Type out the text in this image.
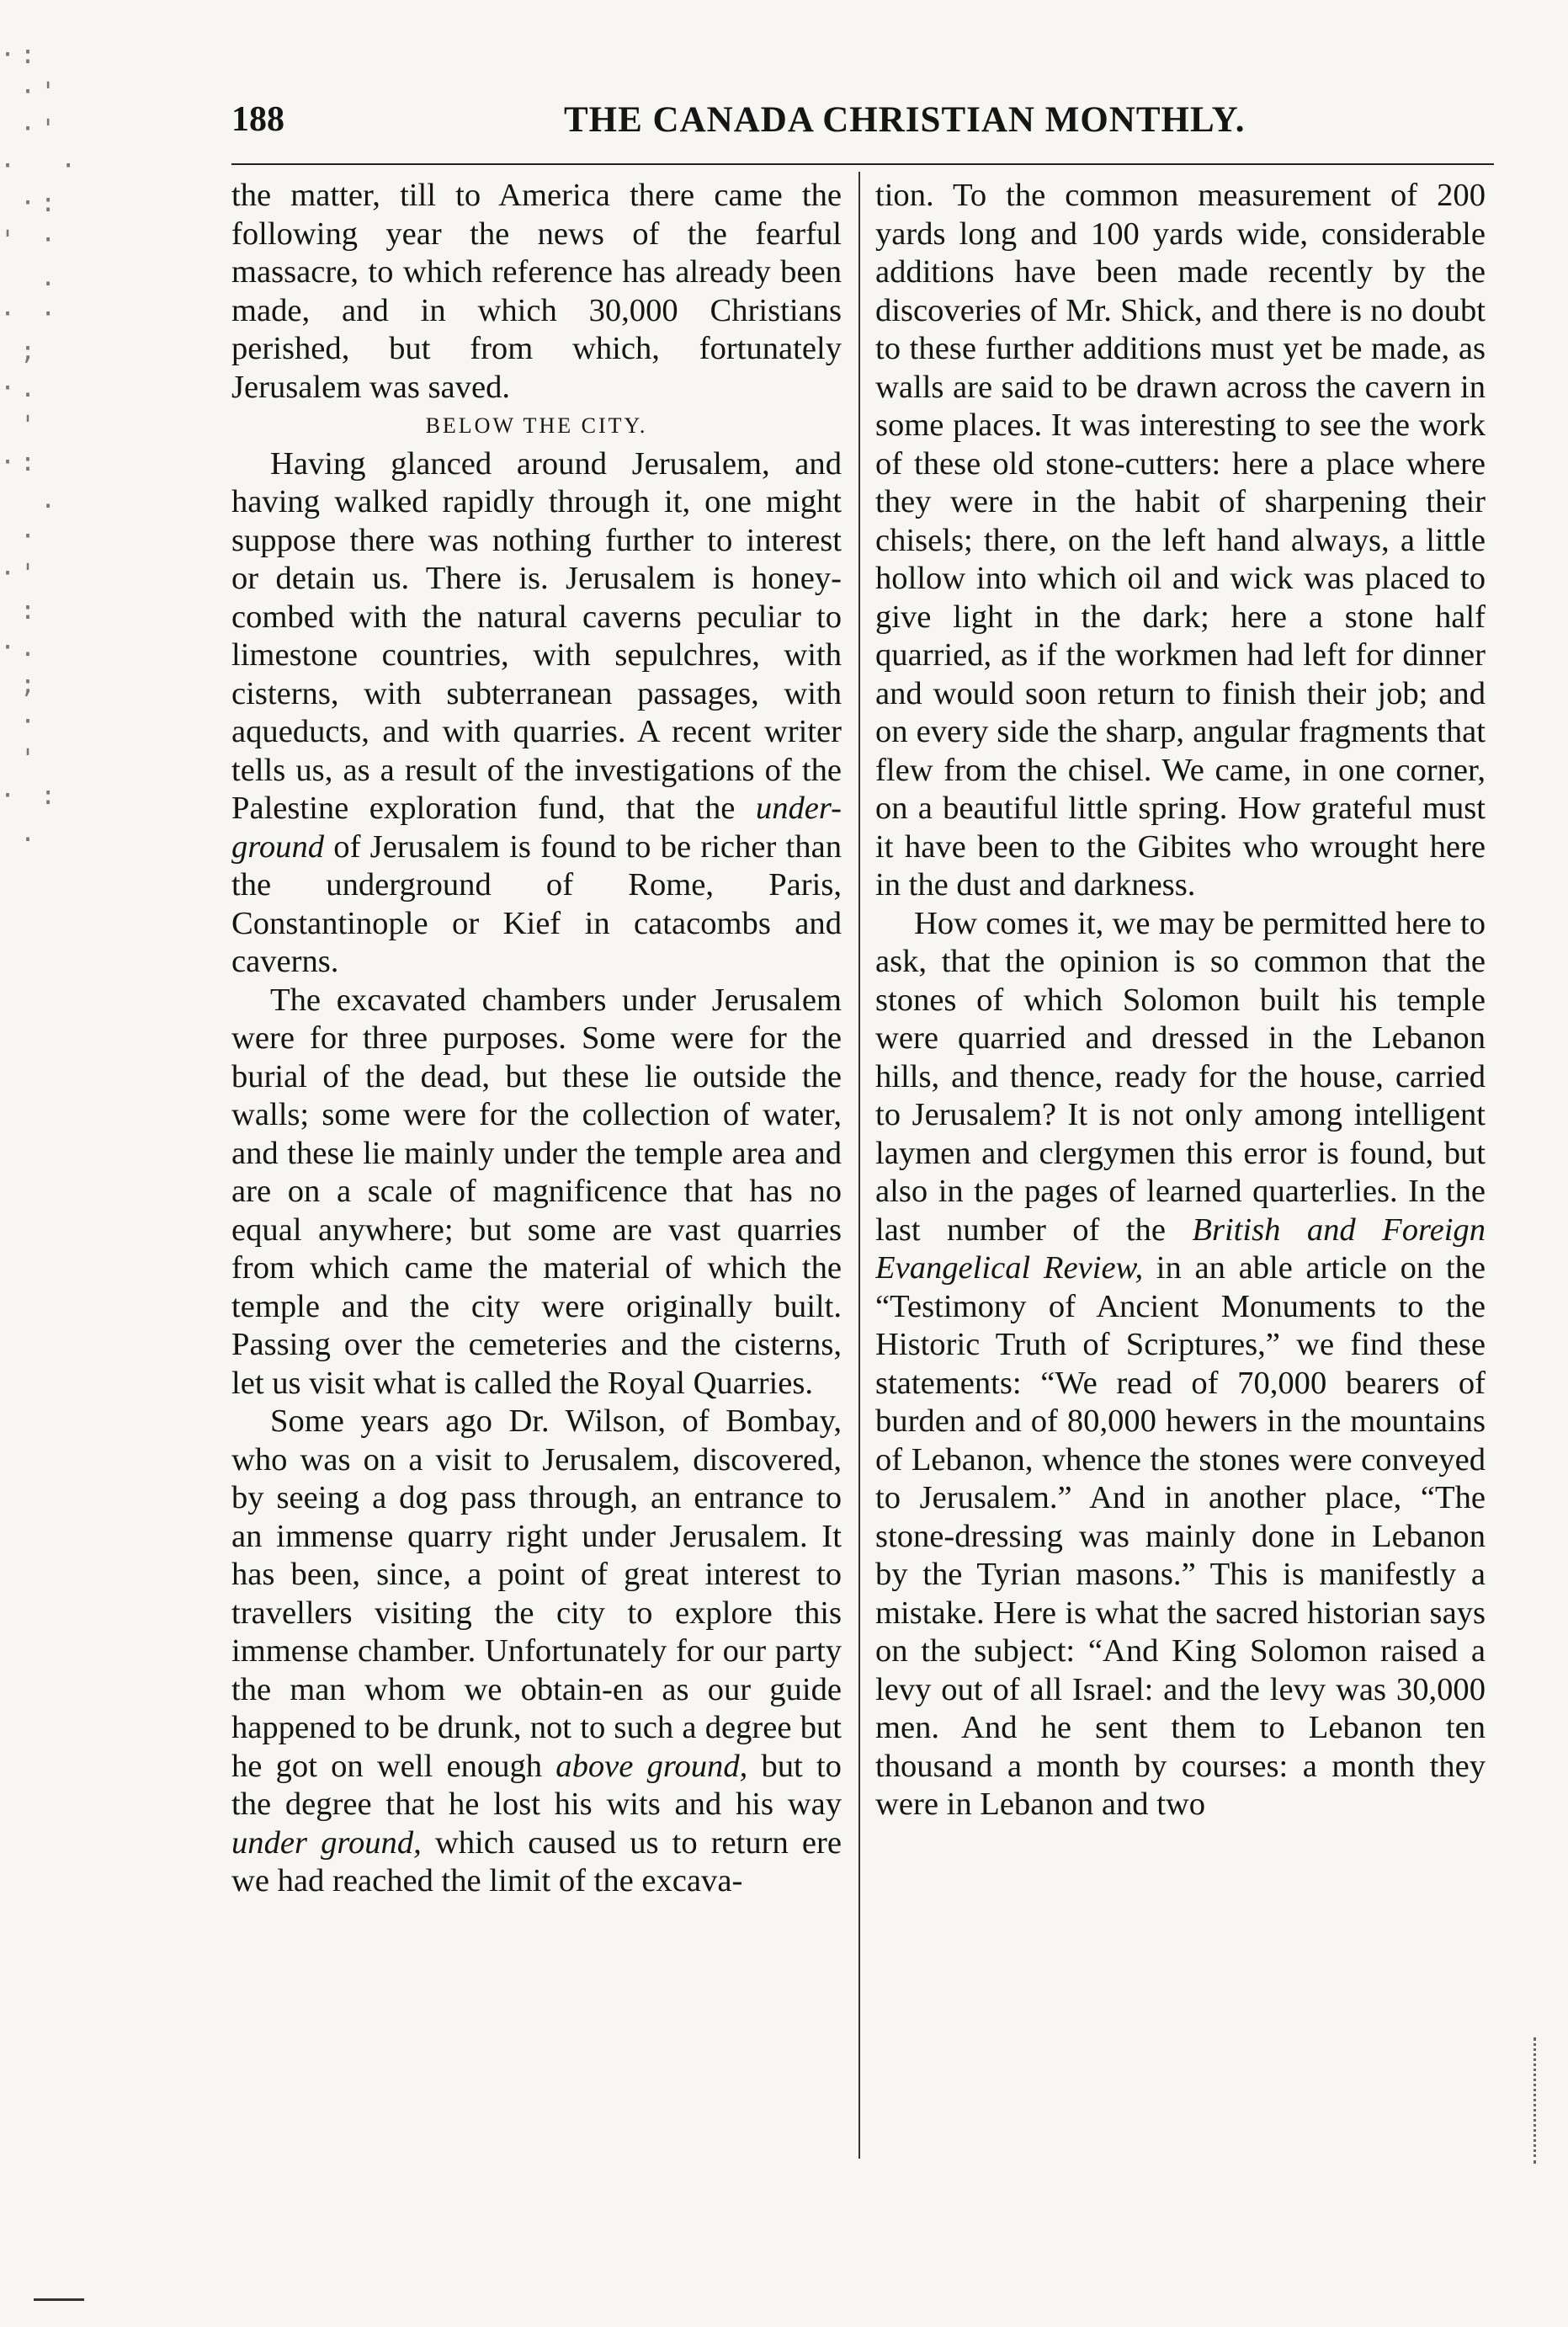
·:
·'
·'
·  ·
·:
' ·
.
· ·
;
·.
'
·:
.
·
·'
:
·.
;
·
'
· :
.

188	THE CANADA CHRISTIAN MONTHLY.

the matter, till to America there came the following year the news of the fearful massacre, to which reference has already been made, and in which 30,000 Christians perished, but from which, fortunately Jerusalem was saved.

BELOW THE CITY.

Having glanced around Jerusalem, and having walked rapidly through it, one might suppose there was nothing further to interest or detain us. There is. Jerusalem is honey-combed with the natural caverns peculiar to limestone countries, with sepulchres, with cisterns, with subterranean passages, with aqueducts, and with quarries. A recent writer tells us, as a result of the investigations of the Palestine exploration fund, that the under-ground of Jerusalem is found to be richer than the underground of Rome, Paris, Constantinople or Kief in catacombs and caverns.

The excavated chambers under Jerusalem were for three purposes. Some were for the burial of the dead, but these lie outside the walls; some were for the collection of water, and these lie mainly under the temple area and are on a scale of magnificence that has no equal anywhere; but some are vast quarries from which came the material of which the temple and the city were originally built. Passing over the cemeteries and the cisterns, let us visit what is called the Royal Quarries.

Some years ago Dr. Wilson, of Bombay, who was on a visit to Jerusalem, discovered, by seeing a dog pass through, an entrance to an immense quarry right under Jerusalem. It has been, since, a point of great interest to travellers visiting the city to explore this immense chamber. Unfortunately for our party the man whom we obtain-en as our guide happened to be drunk, not to such a degree but he got on well enough above ground, but to the degree that he lost his wits and his way under ground, which caused us to return ere we had reached the limit of the excava-

tion. To the common measurement of 200 yards long and 100 yards wide, considerable additions have been made recently by the discoveries of Mr. Shick, and there is no doubt to these further additions must yet be made, as walls are said to be drawn across the cavern in some places. It was interesting to see the work of these old stone-cutters: here a place where they were in the habit of sharpening their chisels; there, on the left hand always, a little hollow into which oil and wick was placed to give light in the dark; here a stone half quarried, as if the workmen had left for dinner and would soon return to finish their job; and on every side the sharp, angular fragments that flew from the chisel. We came, in one corner, on a beautiful little spring. How grateful must it have been to the Gibites who wrought here in the dust and darkness.

How comes it, we may be permitted here to ask, that the opinion is so common that the stones of which Solomon built his temple were quarried and dressed in the Lebanon hills, and thence, ready for the house, carried to Jerusalem? It is not only among intelligent laymen and clergymen this error is found, but also in the pages of learned quarterlies. In the last number of the British and Foreign Evangelical Review, in an able article on the “Testimony of Ancient Monuments to the Historic Truth of Scriptures,” we find these statements: “We read of 70,000 bearers of burden and of 80,000 hewers in the mountains of Lebanon, whence the stones were conveyed to Jerusalem.” And in another place, “The stone-dressing was mainly done in Lebanon by the Tyrian masons.” This is manifestly a mistake. Here is what the sacred historian says on the subject: “And King Solomon raised a levy out of all Israel: and the levy was 30,000 men. And he sent them to Lebanon ten thousand a month by courses: a month they were in Lebanon and two
